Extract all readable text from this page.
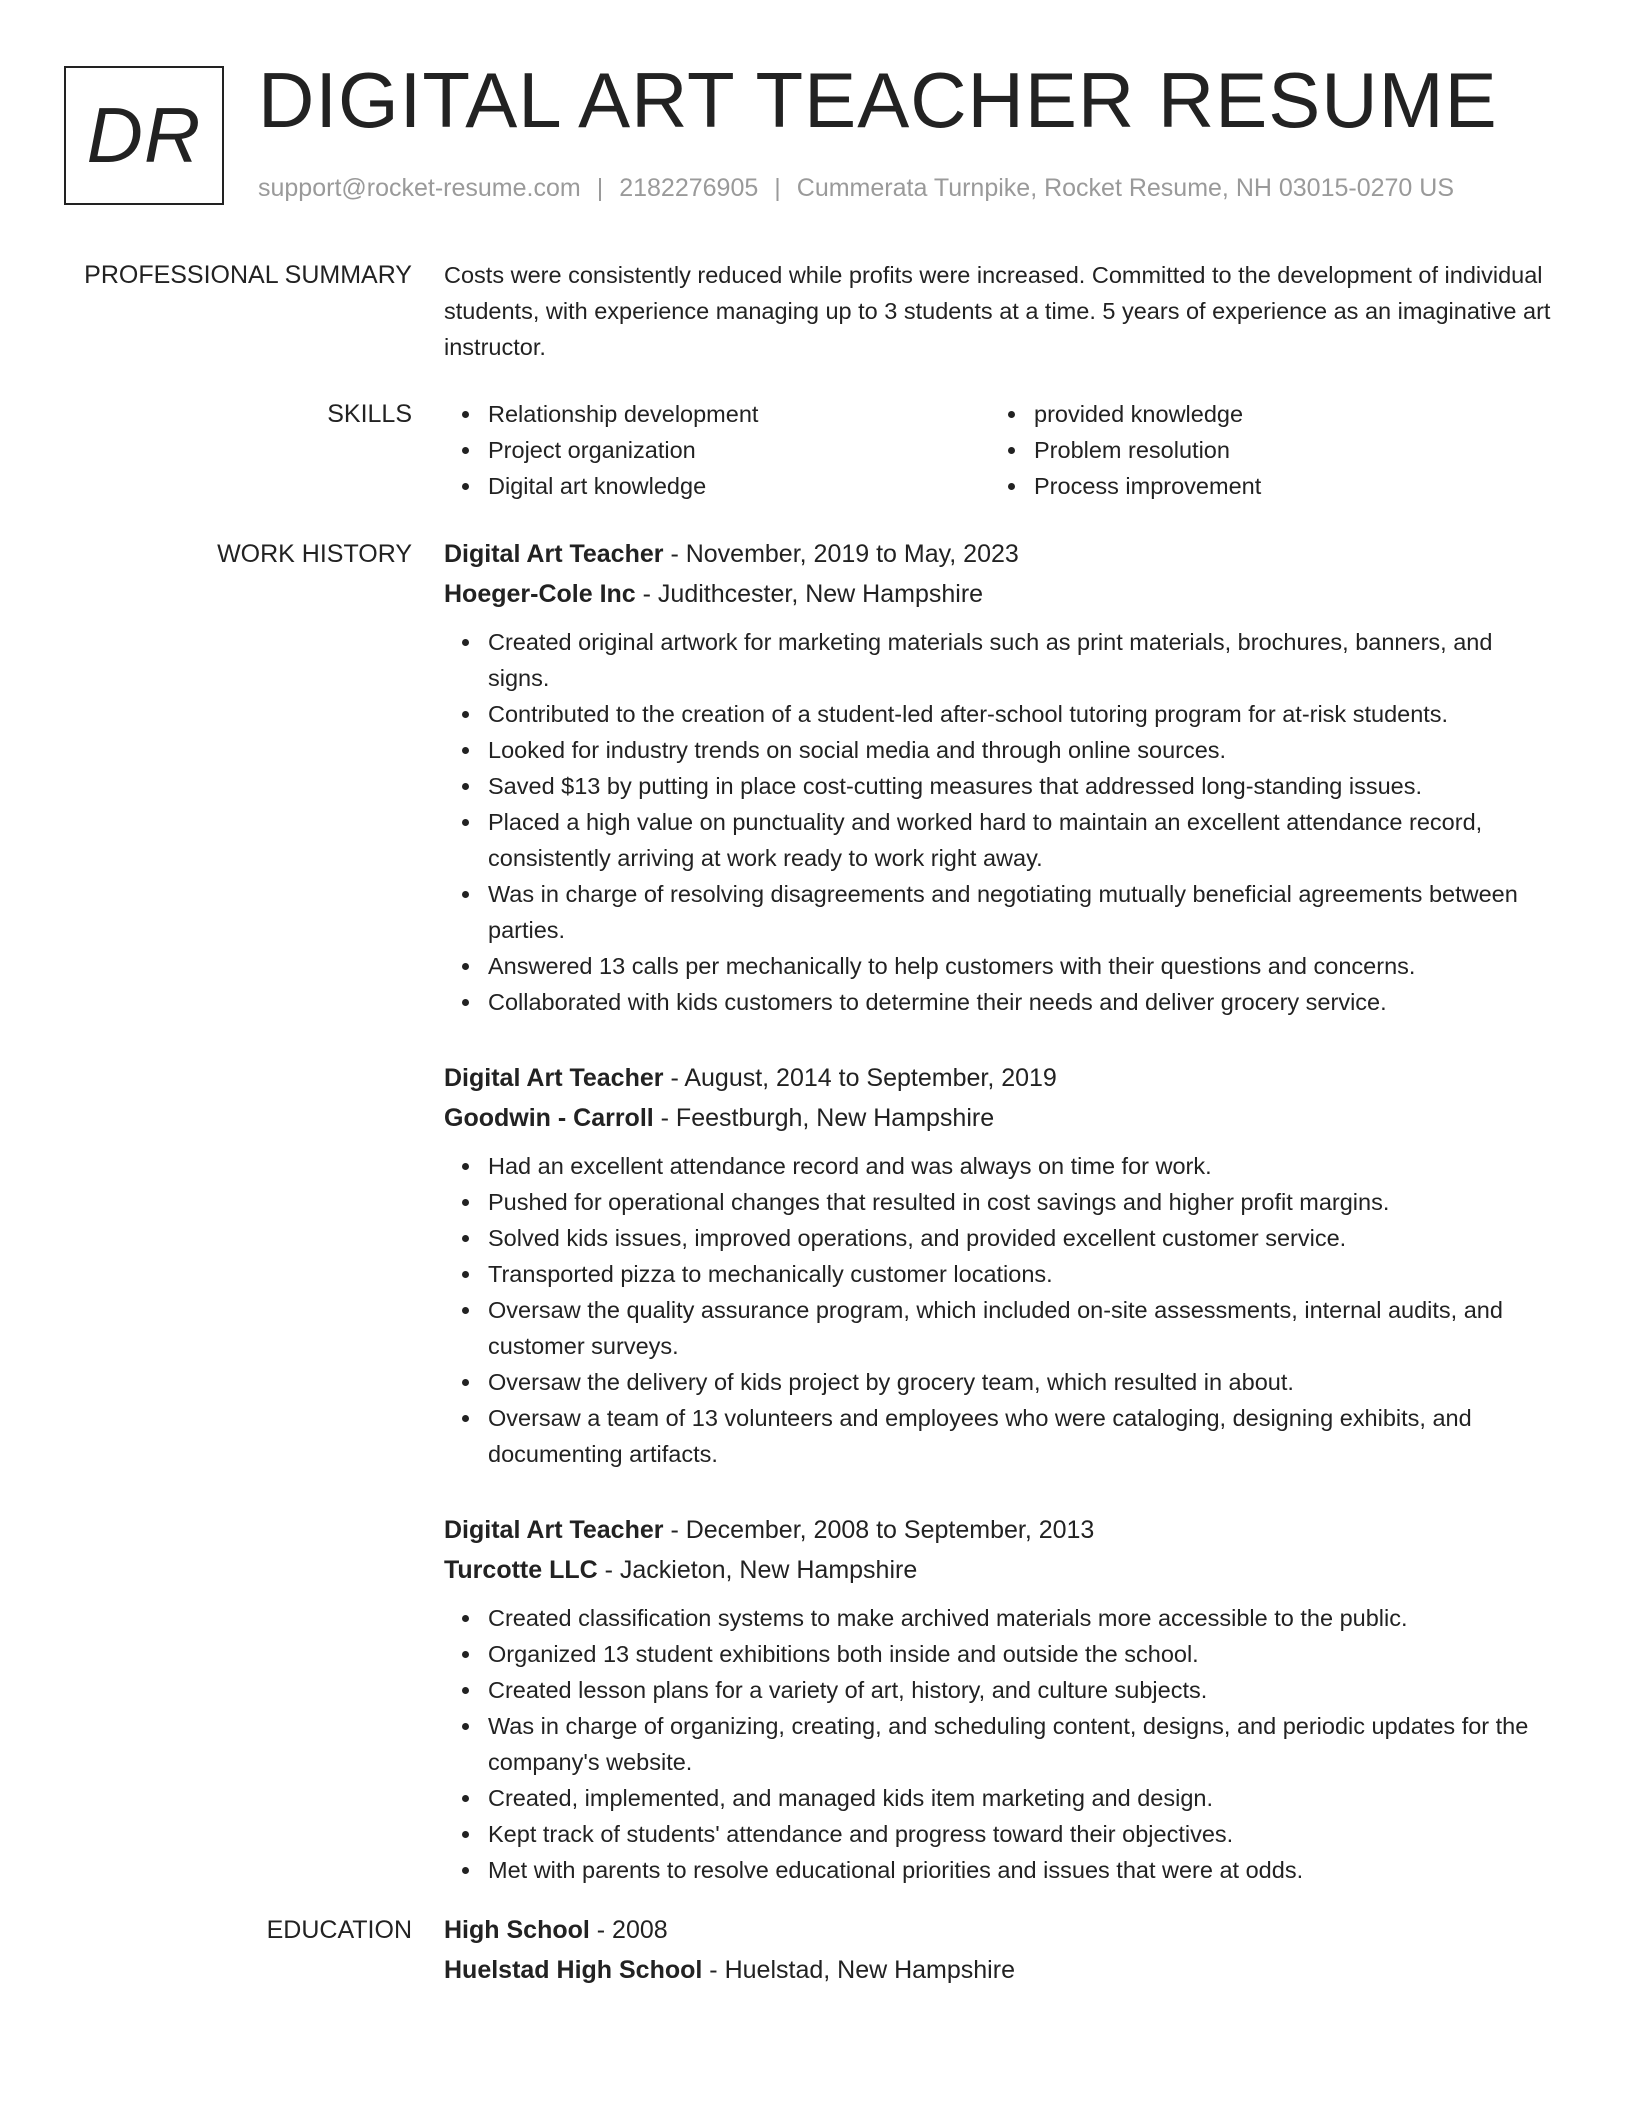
DR DIGITAL ART TEACHER RESUME
support@rocket-resume.com | 2182276905 | Cummerata Turnpike, Rocket Resume, NH 03015-0270 US
PROFESSIONAL SUMMARY Costs were consistently reduced while profits were increased. Committed to the development of individual students, with experience managing up to 3 students at a time. 5 years of experience as an imaginative art instructor.

SKILLS	Relationship development
Project organization
Digital art knowledge
provided knowledge
Problem resolution
Process improvement
WORK HISTORY Digital Art Teacher - November, 2019 to May, 2023
Hoeger-Cole Inc - Judithcester, New Hampshire
Created original artwork for marketing materials such as print materials, brochures, banners, and signs.
Contributed to the creation of a student-led after-school tutoring program for at-risk students.
Looked for industry trends on social media and through online sources.
Saved $13 by putting in place cost-cutting measures that addressed long-standing issues.
Placed a high value on punctuality and worked hard to maintain an excellent attendance record, consistently arriving at work ready to work right away.
Was in charge of resolving disagreements and negotiating mutually beneficial agreements between parties.
Answered 13 calls per mechanically to help customers with their questions and concerns.
Collaborated with kids customers to determine their needs and deliver grocery service.
Digital Art Teacher - August, 2014 to September, 2019
Goodwin - Carroll - Feestburgh, New Hampshire
Had an excellent attendance record and was always on time for work.
Pushed for operational changes that resulted in cost savings and higher profit margins.
Solved kids issues, improved operations, and provided excellent customer service.
Transported pizza to mechanically customer locations.
Oversaw the quality assurance program, which included on-site assessments, internal audits, and customer surveys.
Oversaw the delivery of kids project by grocery team, which resulted in about.
Oversaw a team of 13 volunteers and employees who were cataloging, designing exhibits, and documenting artifacts.
Digital Art Teacher - December, 2008 to September, 2013
Turcotte LLC - Jackieton, New Hampshire
Created classification systems to make archived materials more accessible to the public.
Organized 13 student exhibitions both inside and outside the school.
Created lesson plans for a variety of art, history, and culture subjects.
Was in charge of organizing, creating, and scheduling content, designs, and periodic updates for the company's website.
Created, implemented, and managed kids item marketing and design.
Kept track of students' attendance and progress toward their objectives.
Met with parents to resolve educational priorities and issues that were at odds.
EDUCATION High School - 2008
Huelstad High School - Huelstad, New Hampshire
